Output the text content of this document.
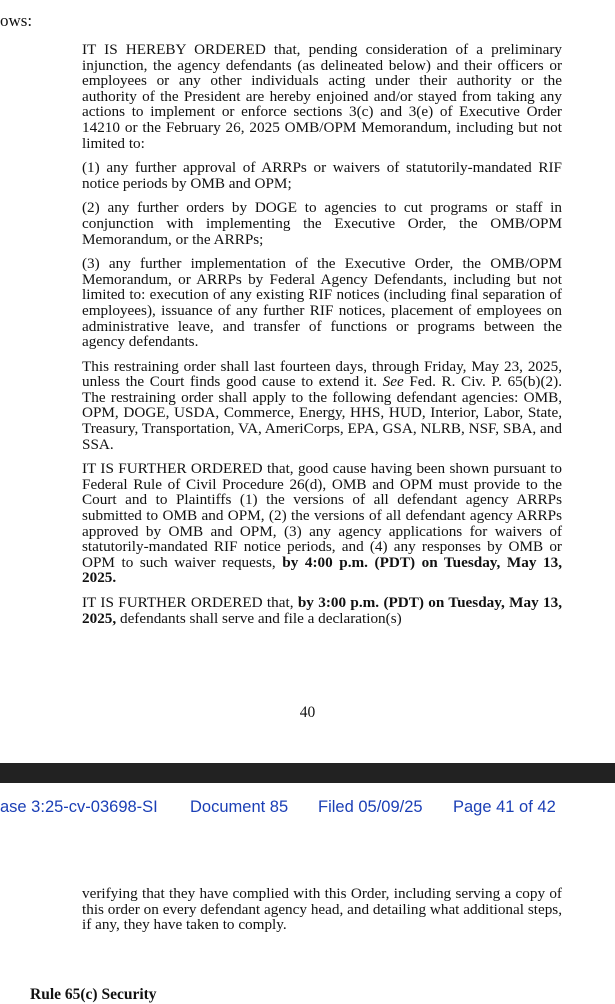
ows:

IT IS HEREBY ORDERED that, pending consideration of a preliminary injunction, the agency defendants (as delineated below) and their officers or employees or any other individuals acting under their authority or the authority of the President are hereby enjoined and/or stayed from taking any actions to implement or enforce sections 3(c) and 3(e) of Executive Order 14210 or the February 26, 2025 OMB/OPM Memorandum, including but not limited to:

(1) any further approval of ARRPs or waivers of statutorily-mandated RIF notice periods by OMB and OPM;

(2) any further orders by DOGE to agencies to cut programs or staff in conjunction with implementing the Executive Order, the OMB/OPM Memorandum, or the ARRPs;

(3) any further implementation of the Executive Order, the OMB/OPM Memorandum, or ARRPs by Federal Agency Defendants, including but not limited to: execution of any existing RIF notices (including final separation of employees), issuance of any further RIF notices, placement of employees on administrative leave, and transfer of functions or programs between the agency defendants.

This restraining order shall last fourteen days, through Friday, May 23, 2025, unless the Court finds good cause to extend it. See Fed. R. Civ. P. 65(b)(2). The restraining order shall apply to the following defendant agencies: OMB, OPM, DOGE, USDA, Commerce, Energy, HHS, HUD, Interior, Labor, State, Treasury, Transportation, VA, AmeriCorps, EPA, GSA, NLRB, NSF, SBA, and SSA.

IT IS FURTHER ORDERED that, good cause having been shown pursuant to Federal Rule of Civil Procedure 26(d), OMB and OPM must provide to the Court and to Plaintiffs (1) the versions of all defendant agency ARRPs submitted to OMB and OPM, (2) the versions of all defendant agency ARRPs approved by OMB and OPM, (3) any agency applications for waivers of statutorily-mandated RIF notice periods, and (4) any responses by OMB or OPM to such waiver requests, by 4:00 p.m. (PDT) on Tuesday, May 13, 2025.

IT IS FURTHER ORDERED that, by 3:00 p.m. (PDT) on Tuesday, May 13, 2025, defendants shall serve and file a declaration(s)

40
ase 3:25-cv-03698-SI Document 85 Filed 05/09/25 Page 41 of 42

verifying that they have complied with this Order, including serving a copy of this order on every defendant agency head, and detailing what additional steps, if any, they have taken to comply.

Rule 65(c) Security
